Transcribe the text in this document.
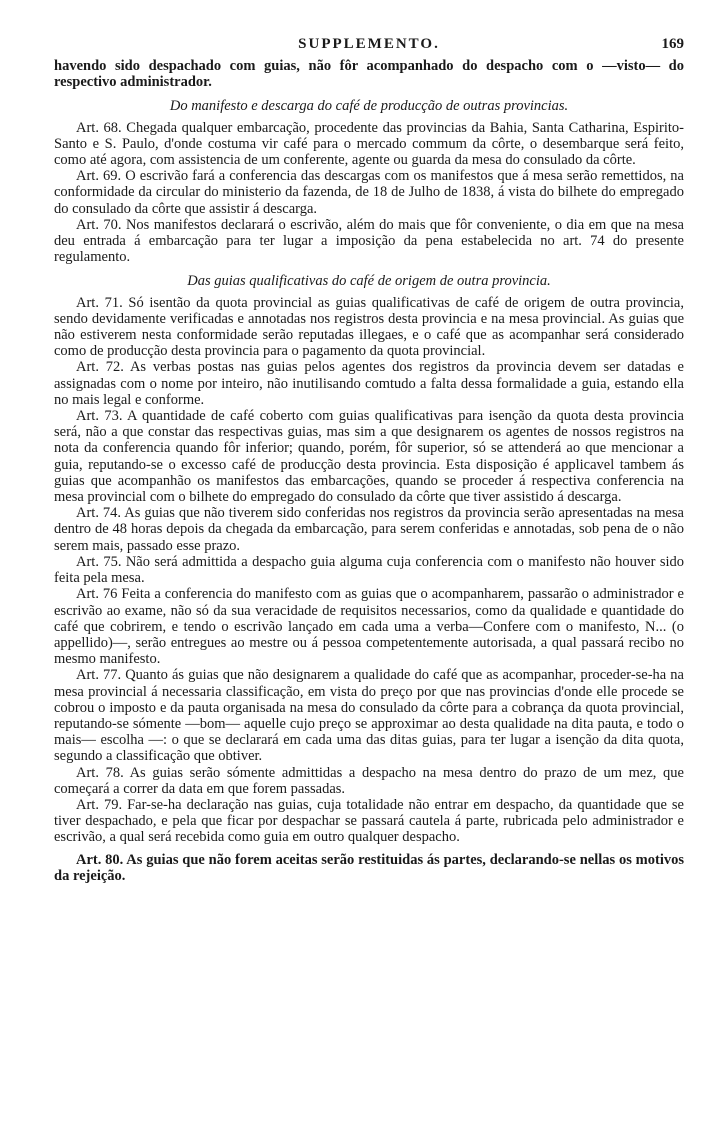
SUPPLEMENTO.	169

havendo sido despachado com guias, não fôr acompanhado do despacho com o —visto— do respectivo administrador.

Do manifesto e descarga do café de producção de outras provincias.

Art. 68. Chegada qualquer embarcação, procedente das provincias da Bahia, Santa Catharina, Espirito-Santo e S. Paulo, d'onde costuma vir café para o mercado commum da côrte, o desembarque será feito, como até agora, com assistencia de um conferente, agente ou guarda da mesa do consulado da côrte.

Art. 69. O escrivão fará a conferencia das descargas com os manifestos que á mesa serão remettidos, na conformidade da circular do ministerio da fazenda, de 18 de Julho de 1838, á vista do bilhete do empregado do consulado da côrte que assistir á descarga.

Art. 70. Nos manifestos declarará o escrivão, além do mais que fôr conveniente, o dia em que na mesa deu entrada á embarcação para ter lugar a imposição da pena estabelecida no art. 74 do presente regulamento.

Das guias qualificativas do café de origem de outra provincia.

Art. 71. Só isentão da quota provincial as guias qualificativas de café de origem de outra provincia, sendo devidamente verificadas e annotadas nos registros desta provincia e na mesa provincial. As guias que não estiverem nesta conformidade serão reputadas illegaes, e o café que as acompanhar será considerado como de producção desta provincia para o pagamento da quota provincial.

Art. 72. As verbas postas nas guias pelos agentes dos registros da provincia devem ser datadas e assignadas com o nome por inteiro, não inutilisando comtudo a falta dessa formalidade a guia, estando ella no mais legal e conforme.

Art. 73. A quantidade de café coberto com guias qualificativas para isenção da quota desta provincia será, não a que constar das respectivas guias, mas sim a que designarem os agentes de nossos registros na nota da conferencia quando fôr inferior; quando, porém, fôr superior, só se attenderá ao que mencionar a guia, reputando-se o excesso café de producção desta provincia. Esta disposição é applicavel tambem ás guias que acompanhão os manifestos das embarcações, quando se proceder á respectiva conferencia na mesa provincial com o bilhete do empregado do consulado da côrte que tiver assistido á descarga.

Art. 74. As guias que não tiverem sido conferidas nos registros da provincia serão apresentadas na mesa dentro de 48 horas depois da chegada da embarcação, para serem conferidas e annotadas, sob pena de o não serem mais, passado esse prazo.

Art. 75. Não será admittida a despacho guia alguma cuja conferencia com o manifesto não houver sido feita pela mesa.

Art. 76 Feita a conferencia do manifesto com as guias que o acompanharem, passarão o administrador e escrivão ao exame, não só da sua veracidade de requisitos necessarios, como da qualidade e quantidade do café que cobrirem, e tendo o escrivão lançado em cada uma a verba—Confere com o manifesto, N... (o appellido)—, serão entregues ao mestre ou á pessoa competentemente autorisada, a qual passará recibo no mesmo manifesto.

Art. 77. Quanto ás guias que não designarem a qualidade do café que as acompanhar, proceder-se-ha na mesa provincial á necessaria classificação, em vista do preço por que nas provincias d'onde elle procede se cobrou o imposto e da pauta organisada na mesa do consulado da côrte para a cobrança da quota provincial, reputando-se sómente —bom— aquelle cujo preço se approximar ao desta qualidade na dita pauta, e todo o mais— escolha —: o que se declarará em cada uma das ditas guias, para ter lugar a isenção da dita quota, segundo a classificação que obtiver.

Art. 78. As guias serão sómente admittidas a despacho na mesa dentro do prazo de um mez, que começará a correr da data em que forem passadas.

Art. 79. Far-se-ha declaração nas guias, cuja totalidade não entrar em despacho, da quantidade que se tiver despachado, e pela que ficar por despachar se passará cautela á parte, rubricada pelo administrador e escrivão, a qual será recebida como guia em outro qualquer despacho.

Art. 80. As guias que não forem aceitas serão restituidas ás partes, declarando-se nellas os motivos da rejeição.
